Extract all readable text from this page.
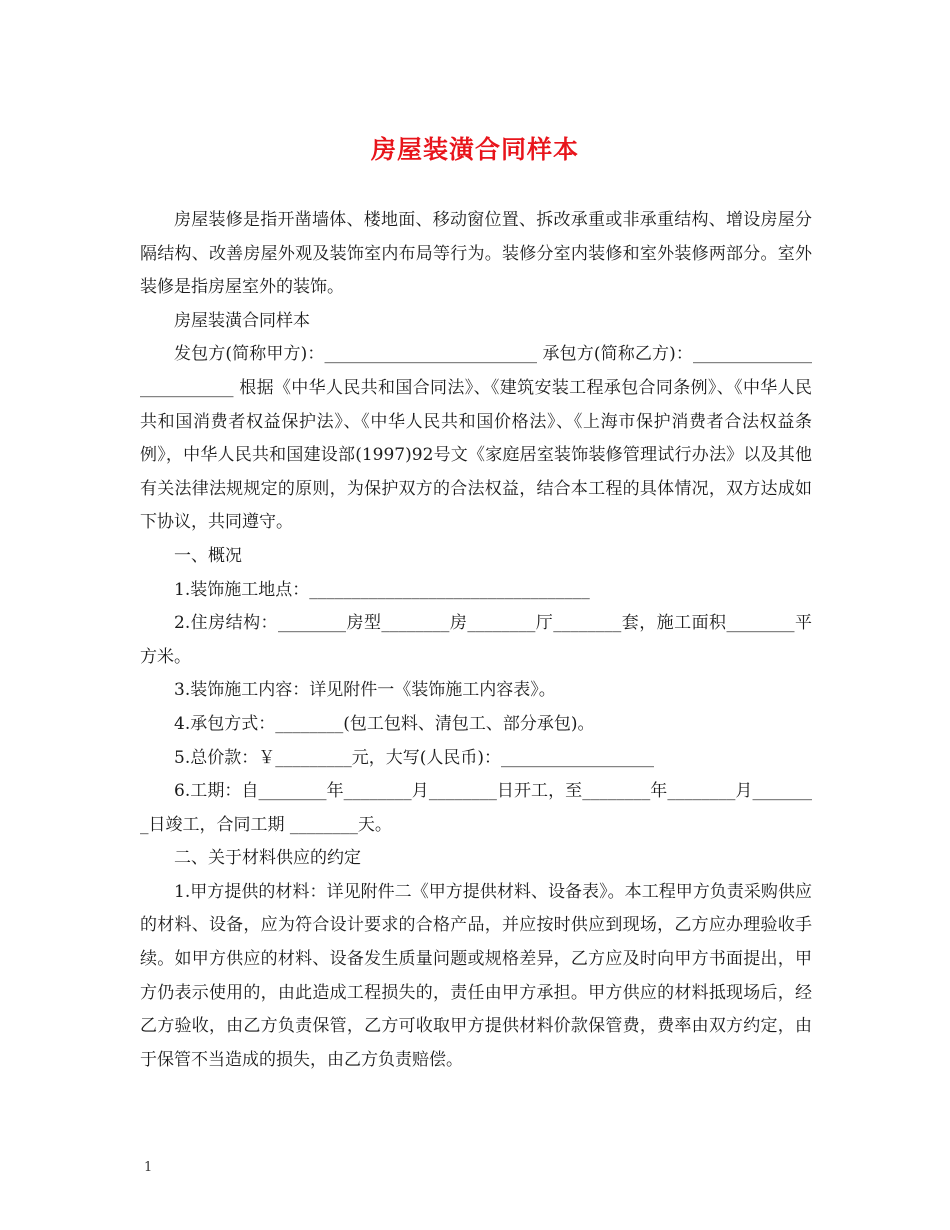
房屋装潢合同样本

房屋装修是指开凿墙体、楼地面、移动窗位置、拆改承重或非承重结构、增设房屋分隔结构、改善房屋外观及装饰室内布局等行为。装修分室内装修和室外装修两部分。室外装修是指房屋室外的装饰。

房屋装潢合同样本

发包方(简称甲方)：_________________________ 承包方(简称乙方)：_________________________ 根据《中华人民共和国合同法》、《建筑安装工程承包合同条例》、《中华人民共和国消费者权益保护法》、《中华人民共和国价格法》、《上海市保护消费者合法权益条例》，中华人民共和国建设部(1997)92号文《家庭居室装饰装修管理试行办法》以及其他有关法律法规规定的原则，为保护双方的合法权益，结合本工程的具体情况，双方达成如下协议，共同遵守。

一、概况

1.装饰施工地点：_________________________________

2.住房结构：________房型________房________厅________套，施工面积________平方米。

3.装饰施工内容：详见附件一《装饰施工内容表》。

4.承包方式：________(包工包料、清包工、部分承包)。

5.总价款：￥_________元，大写(人民币)：__________________

6.工期：自________年________月________日开工，至________年________月________日竣工，合同工期 ________天。

二、关于材料供应的约定

1.甲方提供的材料：详见附件二《甲方提供材料、设备表》。本工程甲方负责采购供应的材料、设备，应为符合设计要求的合格产品，并应按时供应到现场，乙方应办理验收手续。如甲方供应的材料、设备发生质量问题或规格差异，乙方应及时向甲方书面提出，甲方仍表示使用的，由此造成工程损失的，责任由甲方承担。甲方供应的材料抵现场后，经乙方验收，由乙方负责保管，乙方可收取甲方提供材料价款保管费，费率由双方约定，由于保管不当造成的损失，由乙方负责赔偿。

1
